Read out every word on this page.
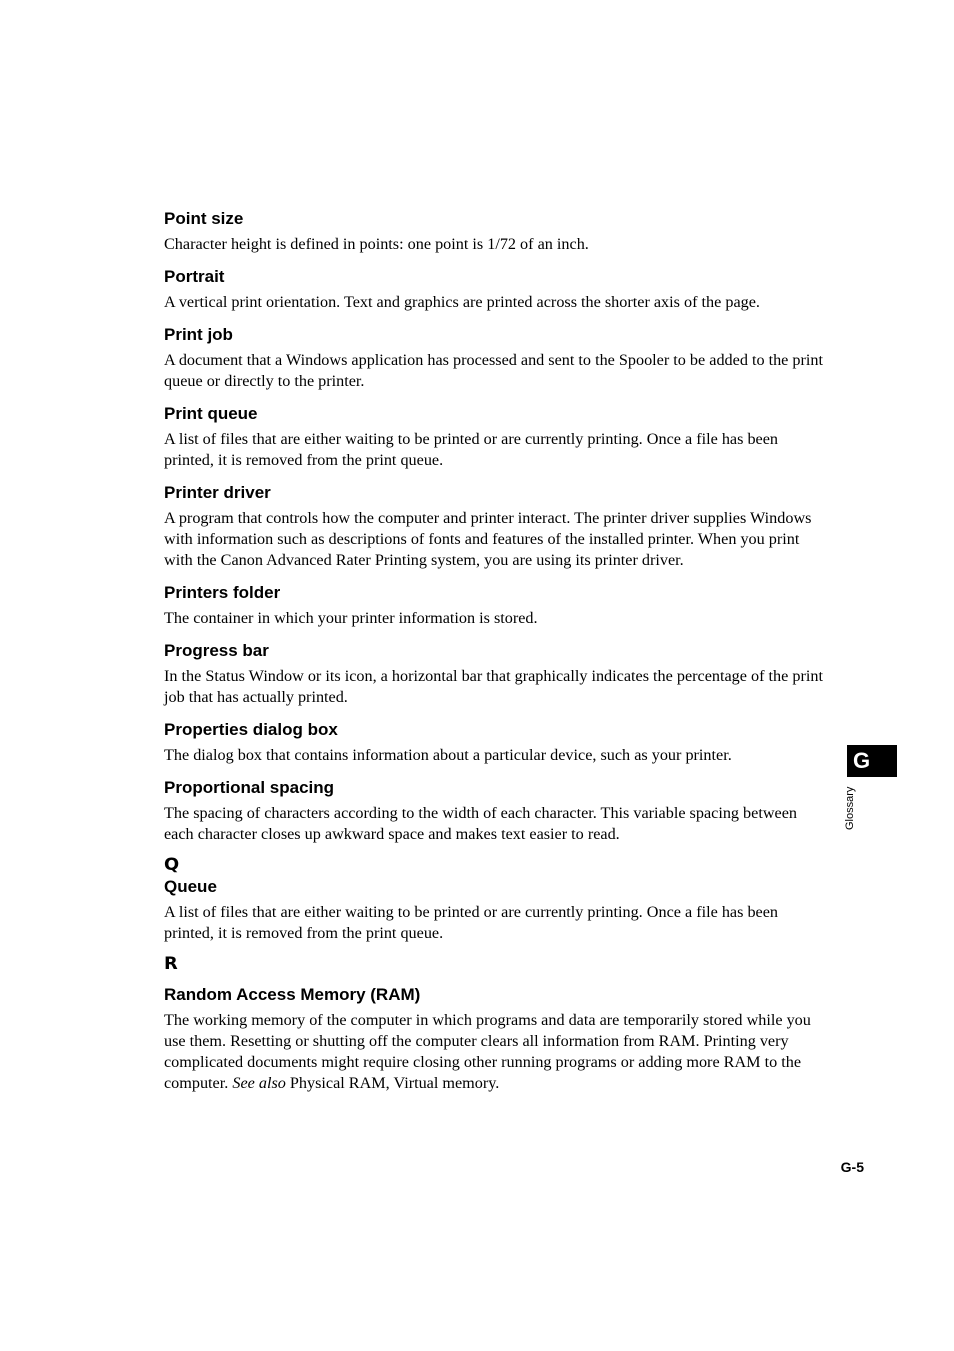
Point size

Character height is defined in points: one point is 1/72 of an inch.

Portrait

A vertical print orientation. Text and graphics are printed across the shorter axis of the page.

Print job

A document that a Windows application has processed and sent to the Spooler to be added to the print queue or directly to the printer.

Print queue

A list of files that are either waiting to be printed or are currently printing. Once a file has been printed, it is removed from the print queue.

Printer driver

A program that controls how the computer and printer interact. The printer driver supplies Windows with information such as descriptions of fonts and features of the installed printer. When you print with the Canon Advanced Rater Printing system, you are using its printer driver.

Printers folder

The container in which your printer information is stored.

Progress bar

In the Status Window or its icon, a horizontal bar that graphically indicates the percentage of the print job that has actually printed.

Properties dialog box

The dialog box that contains information about a particular device, such as your printer.

Proportional spacing

The spacing of characters according to the width of each character. This variable spacing between each character closes up awkward space and makes text easier to read.

Q

Queue

A list of files that are either waiting to be printed or are currently printing. Once a file has been printed, it is removed from the print queue.

R

Random Access Memory (RAM)

The working memory of the computer in which programs and data are temporarily stored while you use them. Resetting or shutting off the computer clears all information from RAM. Printing very complicated documents might require closing other running programs or adding more RAM to the computer. See also Physical RAM, Virtual memory.

G
Glossary
G-5
